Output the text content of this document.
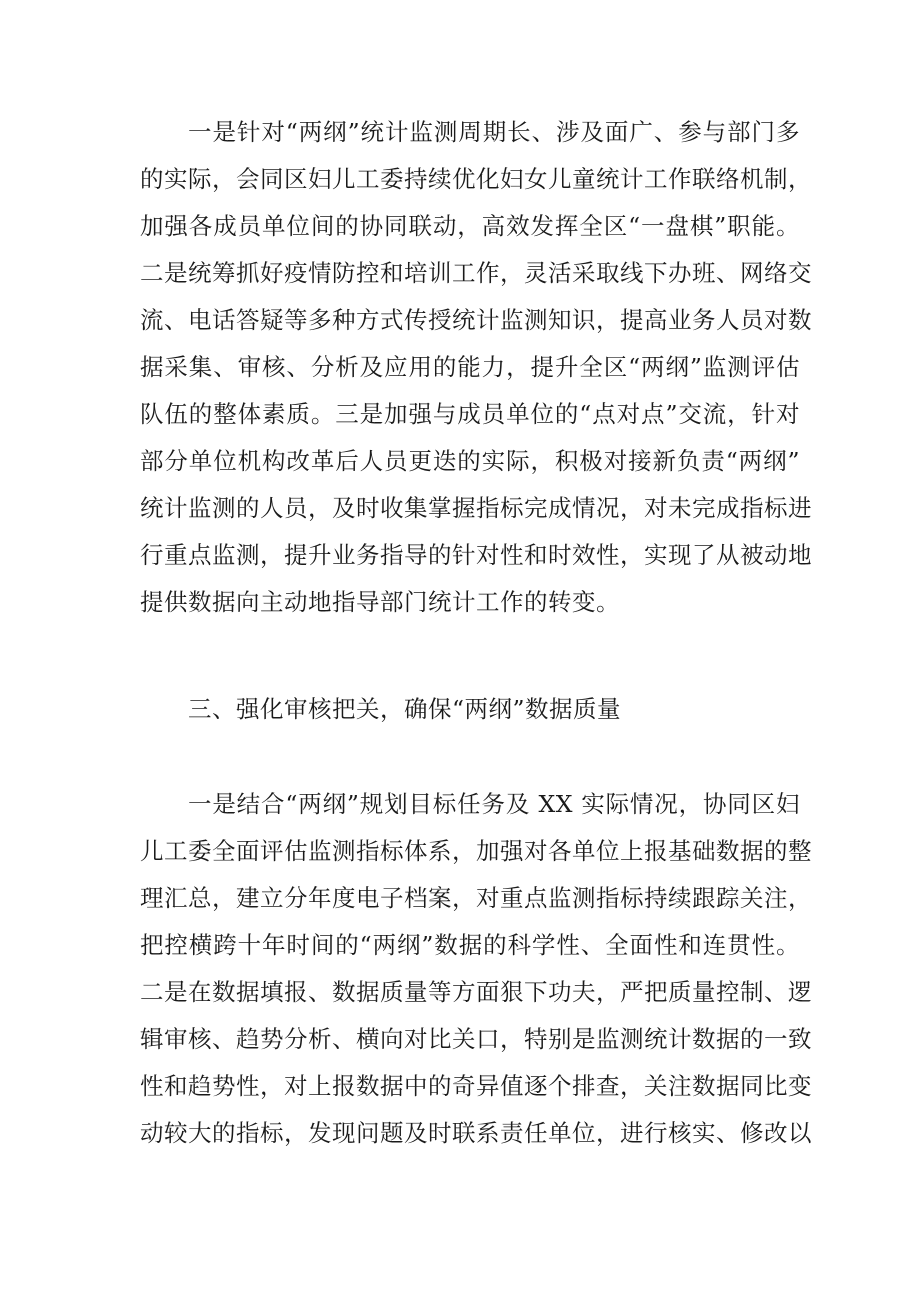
一是针对“两纲”统计监测周期长、涉及面广、参与部门多
的实际，会同区妇儿工委持续优化妇女儿童统计工作联络机制，
加强各成员单位间的协同联动，高效发挥全区“一盘棋”职能。
二是统筹抓好疫情防控和培训工作，灵活采取线下办班、网络交
流、电话答疑等多种方式传授统计监测知识，提高业务人员对数
据采集、审核、分析及应用的能力，提升全区“两纲”监测评估
队伍的整体素质。三是加强与成员单位的“点对点”交流，针对
部分单位机构改革后人员更迭的实际，积极对接新负责“两纲”
统计监测的人员，及时收集掌握指标完成情况，对未完成指标进
行重点监测，提升业务指导的针对性和时效性，实现了从被动地
提供数据向主动地指导部门统计工作的转变。
三、强化审核把关，确保“两纲”数据质量
一是结合“两纲”规划目标任务及 XX 实际情况，协同区妇
儿工委全面评估监测指标体系，加强对各单位上报基础数据的整
理汇总，建立分年度电子档案，对重点监测指标持续跟踪关注，
把控横跨十年时间的“两纲”数据的科学性、全面性和连贯性。
二是在数据填报、数据质量等方面狠下功夫，严把质量控制、逻
辑审核、趋势分析、横向对比关口，特别是监测统计数据的一致
性和趋势性，对上报数据中的奇异值逐个排查，关注数据同比变
动较大的指标，发现问题及时联系责任单位，进行核实、修改以
